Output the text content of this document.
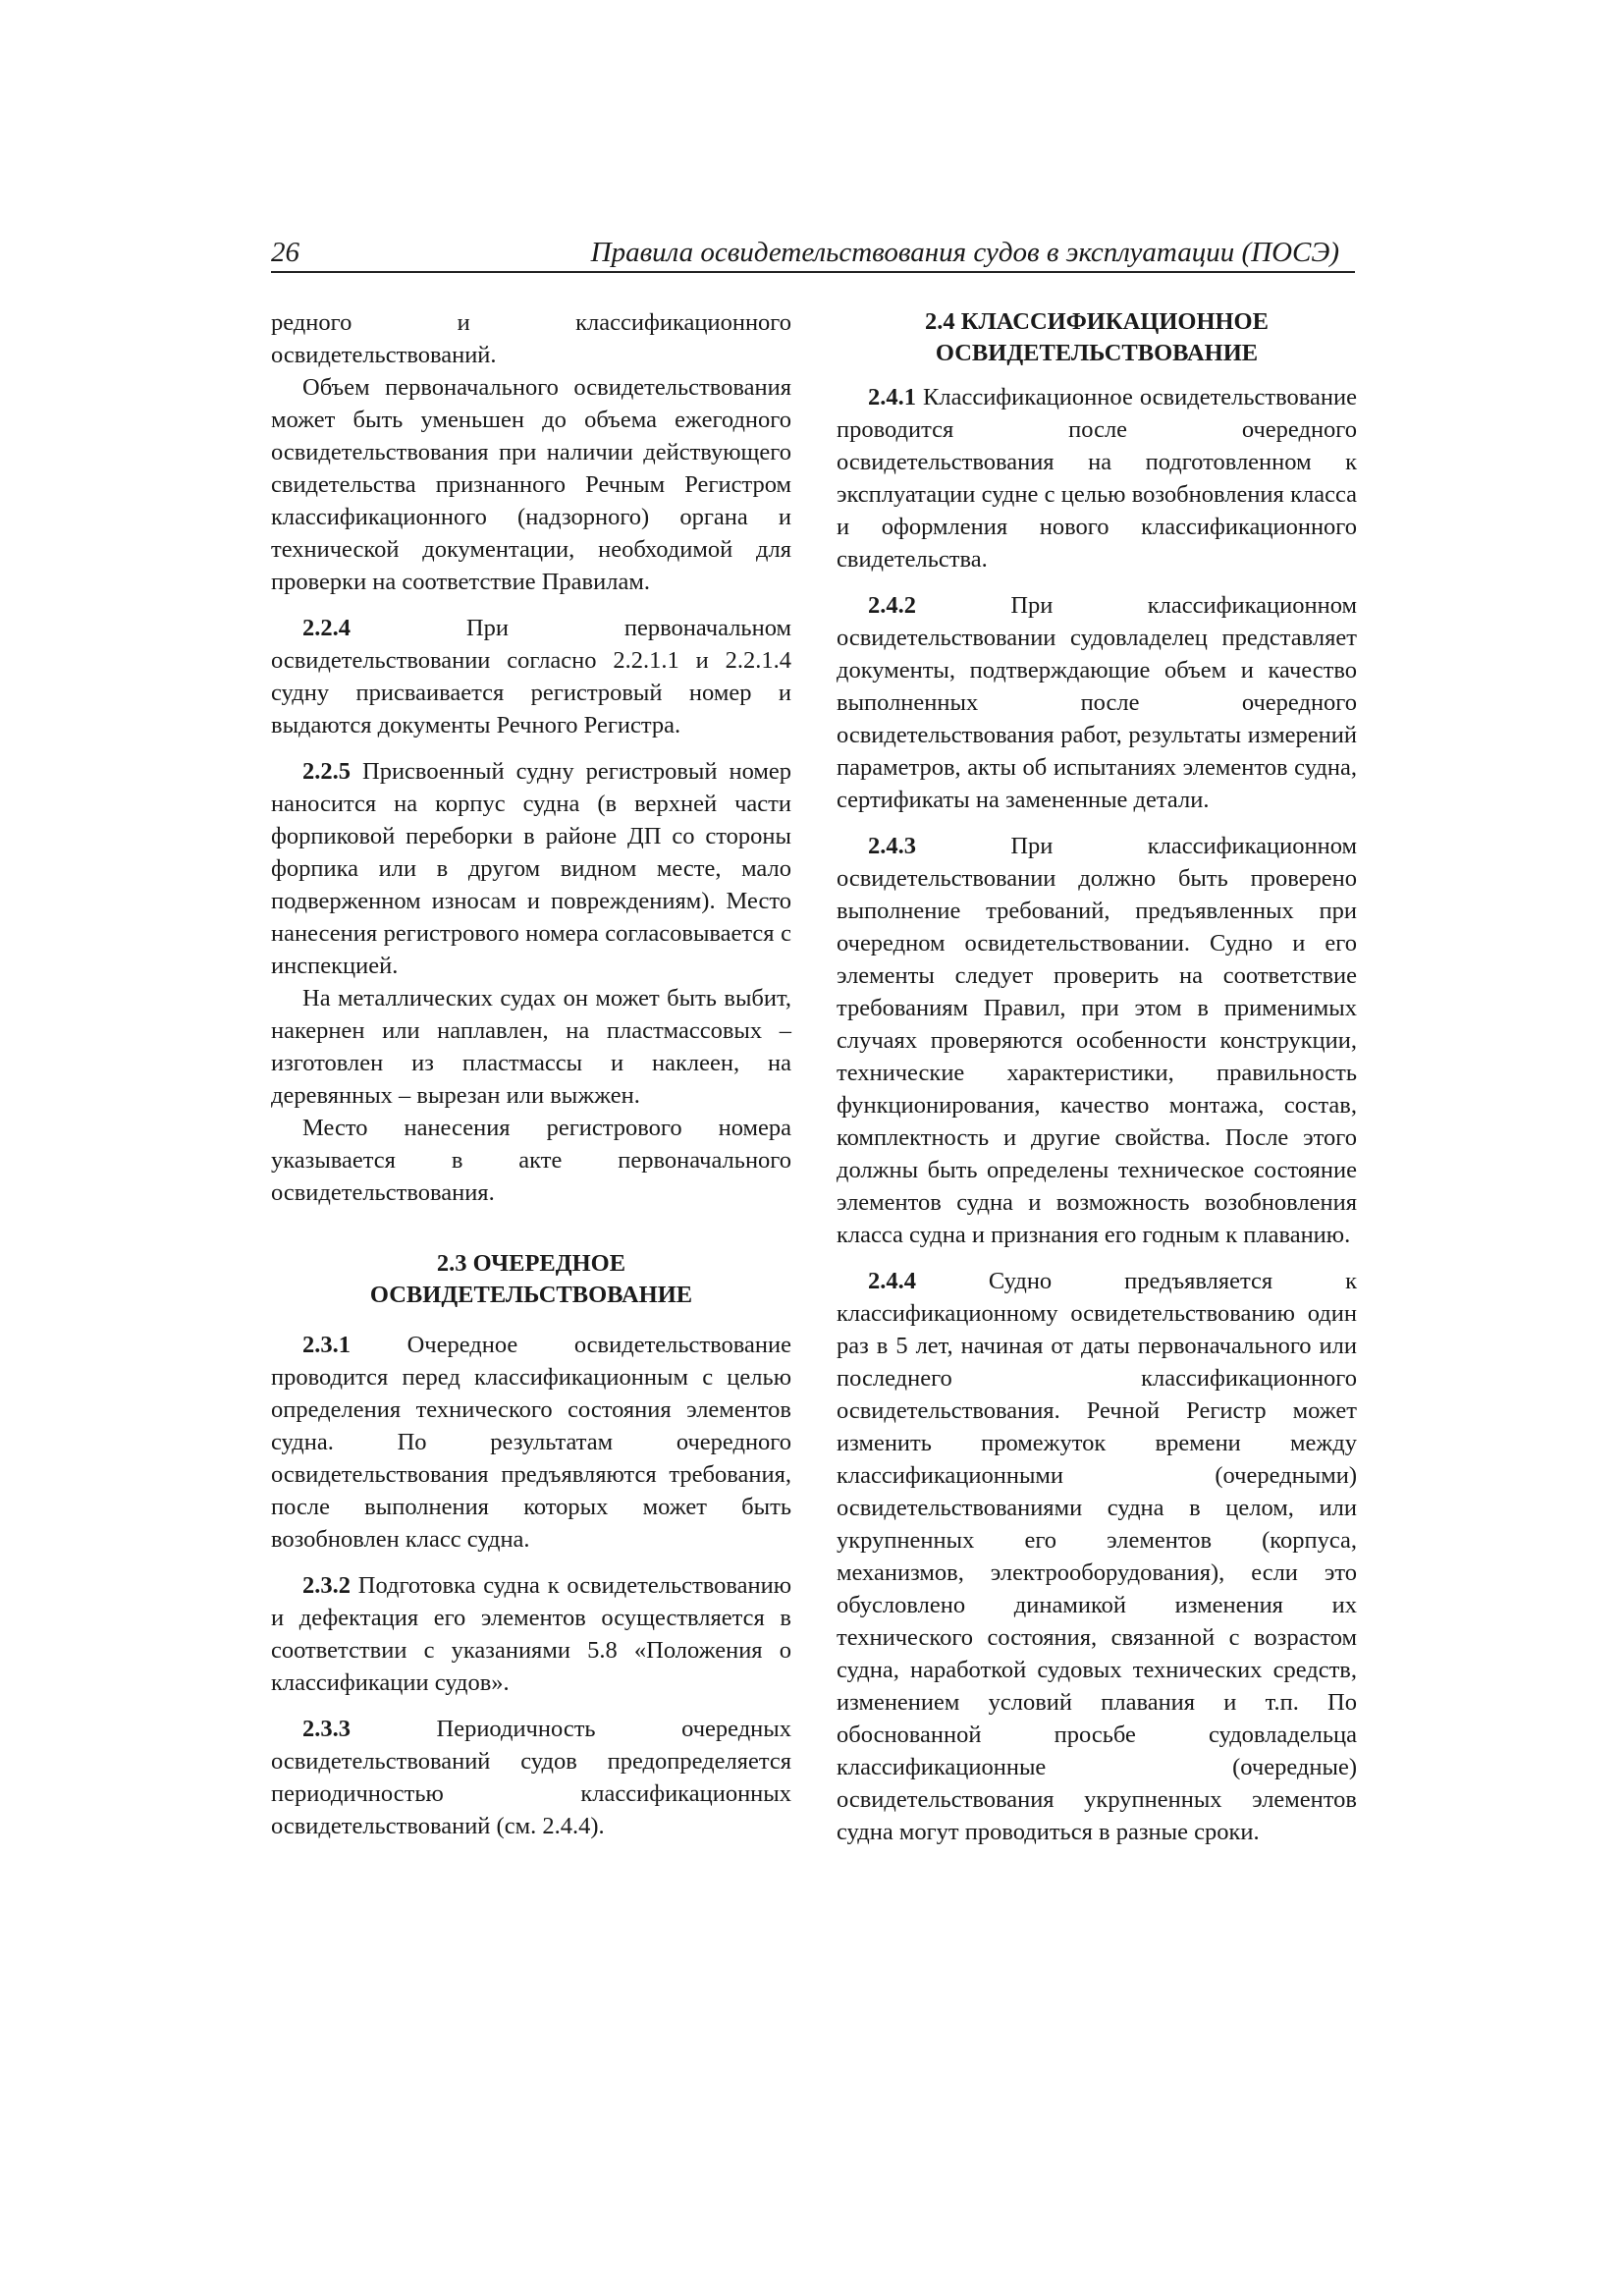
26	Правила освидетельствования судов в эксплуатации (ПОСЭ)

редного и классификационного освидетельствований.

Объем первоначального освидетельствования может быть уменьшен до объема ежегодного освидетельствования при наличии действующего свидетельства признанного Речным Регистром классификационного (надзорного) органа и технической документации, необходимой для проверки на соответствие Правилам.

2.2.4 При первоначальном освидетельствовании согласно 2.2.1.1 и 2.2.1.4 судну присваивается регистровый номер и выдаются документы Речного Регистра.

2.2.5 Присвоенный судну регистровый номер наносится на корпус судна (в верхней части форпиковой переборки в районе ДП со стороны форпика или в другом видном месте, мало подверженном износам и повреждениям). Место нанесения регистрового номера согласовывается с инспекцией.

На металлических судах он может быть выбит, накернен или наплавлен, на пластмассовых – изготовлен из пластмассы и наклеен, на деревянных – вырезан или выжжен.

Место нанесения регистрового номера указывается в акте первоначального освидетельствования.

2.3 ОЧЕРЕДНОЕ
ОСВИДЕТЕЛЬСТВОВАНИЕ

2.3.1 Очередное освидетельствование проводится перед классификационным с целью определения технического состояния элементов судна. По результатам очередного освидетельствования предъявляются требования, после выполнения которых может быть возобновлен класс судна.

2.3.2 Подготовка судна к освидетельствованию и дефектация его элементов осуществляется в соответствии с указаниями 5.8 «Положения о классификации судов».

2.3.3 Периодичность очередных освидетельствований судов предопределяется периодичностью классификационных освидетельствований (см. 2.4.4).

2.4 КЛАССИФИКАЦИОННОЕ
ОСВИДЕТЕЛЬСТВОВАНИЕ

2.4.1 Классификационное освидетельствование проводится после очередного освидетельствования на подготовленном к эксплуатации судне с целью возобновления класса и оформления нового классификационного свидетельства.

2.4.2 При классификационном освидетельствовании судовладелец представляет документы, подтверждающие объем и качество выполненных после очередного освидетельствования работ, результаты измерений параметров, акты об испытаниях элементов судна, сертификаты на замененные детали.

2.4.3 При классификационном освидетельствовании должно быть проверено выполнение требований, предъявленных при очередном освидетельствовании. Судно и его элементы следует проверить на соответствие требованиям Правил, при этом в применимых случаях проверяются особенности конструкции, технические характеристики, правильность функционирования, качество монтажа, состав, комплектность и другие свойства. После этого должны быть определены техническое состояние элементов судна и возможность возобновления класса судна и признания его годным к плаванию.

2.4.4 Судно предъявляется к классификационному освидетельствованию один раз в 5 лет, начиная от даты первоначального или последнего классификационного освидетельствования. Речной Регистр может изменить промежуток времени между классификационными (очередными) освидетельствованиями судна в целом, или укрупненных его элементов (корпуса, механизмов, электрооборудования), если это обусловлено динамикой изменения их технического состояния, связанной с возрастом судна, наработкой судовых технических средств, изменением условий плавания и т.п. По обоснованной просьбе судовладельца классификационные (очередные) освидетельствования укрупненных элементов судна могут проводиться в разные сроки.
